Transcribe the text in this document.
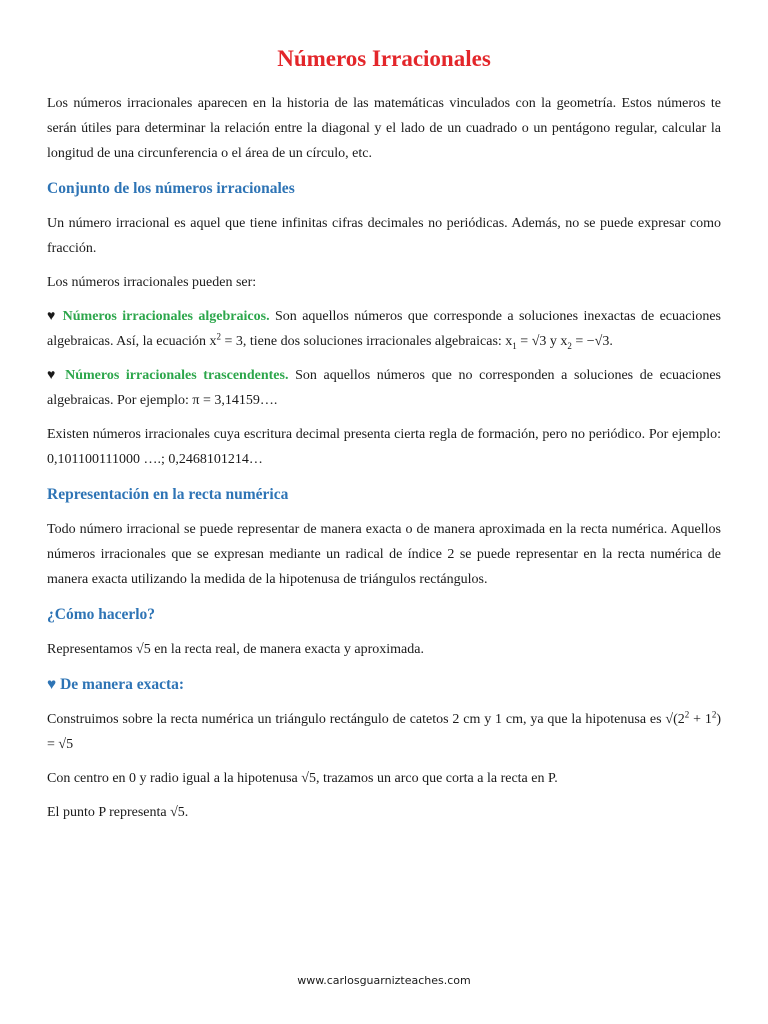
Números Irracionales

Los números irracionales aparecen en la historia de las matemáticas vinculados con la geometría. Estos números te serán útiles para determinar la relación entre la diagonal y el lado de un cuadrado o un pentágono regular, calcular la longitud de una circunferencia o el área de un círculo, etc.

Conjunto de los números irracionales

Un número irracional es aquel que tiene infinitas cifras decimales no periódicas. Además, no se puede expresar como fracción.

Los números irracionales pueden ser:

♥ Números irracionales algebraicos. Son aquellos números que corresponde a soluciones inexactas de ecuaciones algebraicas. Así, la ecuación $x^2 = 3$, tiene dos soluciones irracionales algebraicas: $x_1 = √3$ y $x_2 = -√3$.

♥ Números irracionales trascendentes. Son aquellos números que no corresponden a soluciones de ecuaciones algebraicas. Por ejemplo: π = 3,14159….

Existen números irracionales cuya escritura decimal presenta cierta regla de formación, pero no periódico. Por ejemplo: 0,101100111000 ….; 0,2468101214…

Representación en la recta numérica

Todo número irracional se puede representar de manera exacta o de manera aproximada en la recta numérica. Aquellos números irracionales que se expresan mediante un radical de índice 2 se puede representar en la recta numérica de manera exacta utilizando la medida de la hipotenusa de triángulos rectángulos.

¿Cómo hacerlo?

Representamos √5 en la recta real, de manera exacta y aproximada.

♥ De manera exacta:

Construimos sobre la recta numérica un triángulo rectángulo de catetos 2 cm y 1 cm, ya que la hipotenusa es $√(2^2 + 1^2) = √5$

Con centro en 0 y radio igual a la hipotenusa √5, trazamos un arco que corta a la recta en P.

El punto P representa √5.

www.carlosguarnizteaches.com
